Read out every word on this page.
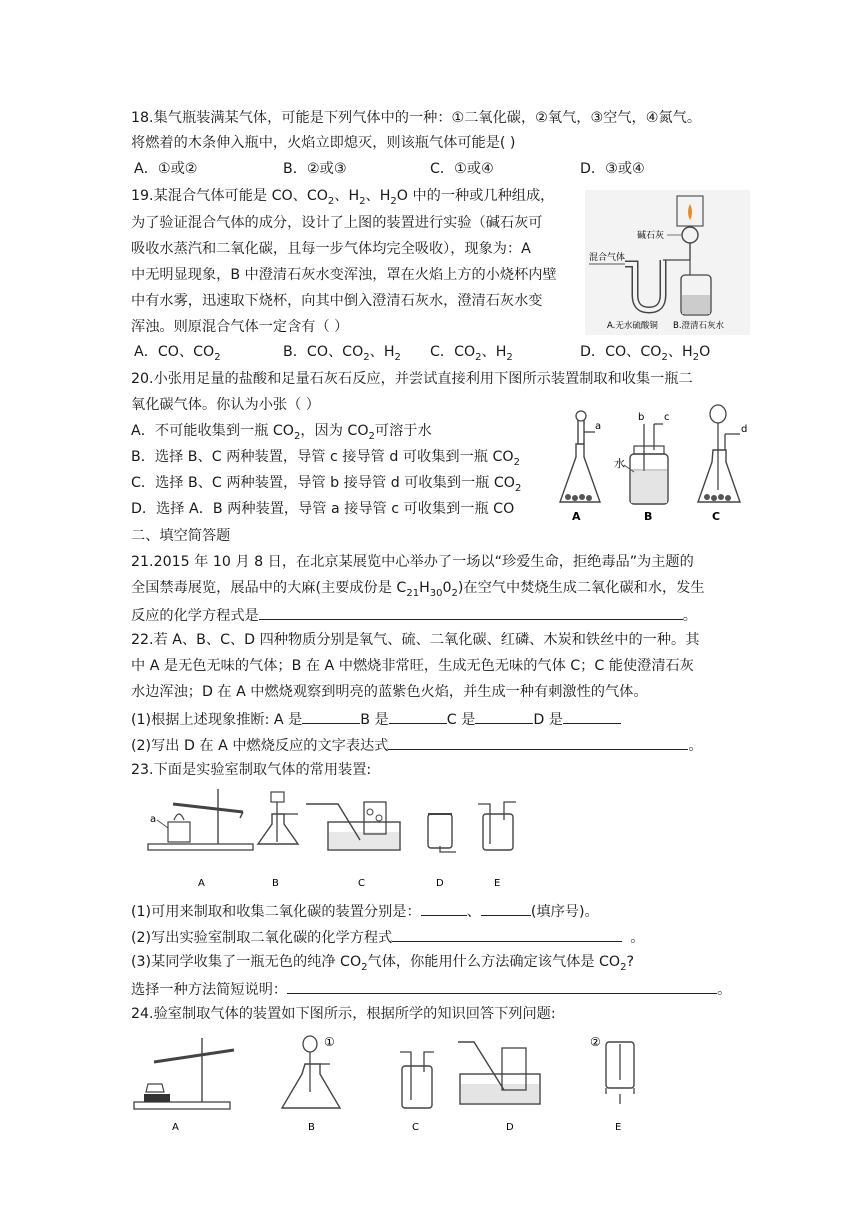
18.集气瓶装满某气体，可能是下列气体中的一种：①二氧化碳，②氧气，③空气，④氮气。
将燃着的木条伸入瓶中，火焰立即熄灭，则该瓶气体可能是( )
A．①或②	B．②或③	C．①或④	D．③或④
19.某混合气体可能是 CO、$CO_2$、$H_2$、$H_2O$ 中的一种或几种组成，
为了验证混合气体的成分，设计了上图的装置进行实验（碱石灰可
吸收水蒸汽和二氧化碳，且每一步气体均完全吸收），现象为：A
中无明显现象，B 中澄清石灰水变浑浊，罩在火焰上方的小烧杯内壁
中有水雾，迅速取下烧杯，向其中倒入澄清石灰水，澄清石灰水变
浑浊。则原混合气体一定含有（ ）
A．CO、$CO_2$	B．CO、$CO_2$、$H_2$ C．$CO_2$、$H_2$	D．CO、$CO_2$、$H_2O$
碱石灰
混合气体
A.无水硫酸铜 B.澄清石灰水
20.小张用足量的盐酸和足量石灰石反应，并尝试直接利用下图所示装置制取和收集一瓶二
氧化碳气体。你认为小张（ ）
A．不可能收集到一瓶 $CO_2$，因为 $CO_2$可溶于水
B．选择 B、C 两种装置，导管 c 接导管 d 可收集到一瓶 $CO_2$
C．选择 B、C 两种装置，导管 b 接导管 d 可收集到一瓶 $CO_2$
D．选择 A．B 两种装置，导管 a 接导管 c 可收集到一瓶 CO
a
A
b c
水
B
d
C
二、填空简答题
21.2015 年 10 月 8 日，在北京某展览中心举办了一场以“珍爱生命，拒绝毒品”为主题的
全国禁毒展览，展品中的大麻(主要成份是 $C_{21}H_{30}0_2$)在空气中焚烧生成二氧化碳和水，发生
反应的化学方程式是	。
22.若 A、B、C、D 四种物质分别是氧气、硫、二氧化碳、红磷、木炭和铁丝中的一种。其
中 A 是无色无味的气体；B 在 A 中燃烧非常旺，生成无色无味的气体 C；C 能使澄清石灰
水边浑浊；D 在 A 中燃烧观察到明亮的蓝紫色火焰，并生成一种有刺激性的气体。
(1)根据上述现象推断: A 是	B 是	C 是	D 是
(2)写出 D 在 A 中燃烧反应的文字表达式	。
23.下面是实验室制取气体的常用装置:
a
A	B	C	D	E
(1)可用来制取和收集二氧化碳的装置分别是：	、	(填序号)。
(2)写出实验室制取二氧化碳的化学方程式	。
(3)某同学收集了一瓶无色的纯净 $CO_2$气体，你能用什么方法确定该气体是 $CO_2$?
选择一种方法简短说明：	。
24.验室制取气体的装置如下图所示，根据所学的知识回答下列问题:
A
①
B	C	D
②
E
